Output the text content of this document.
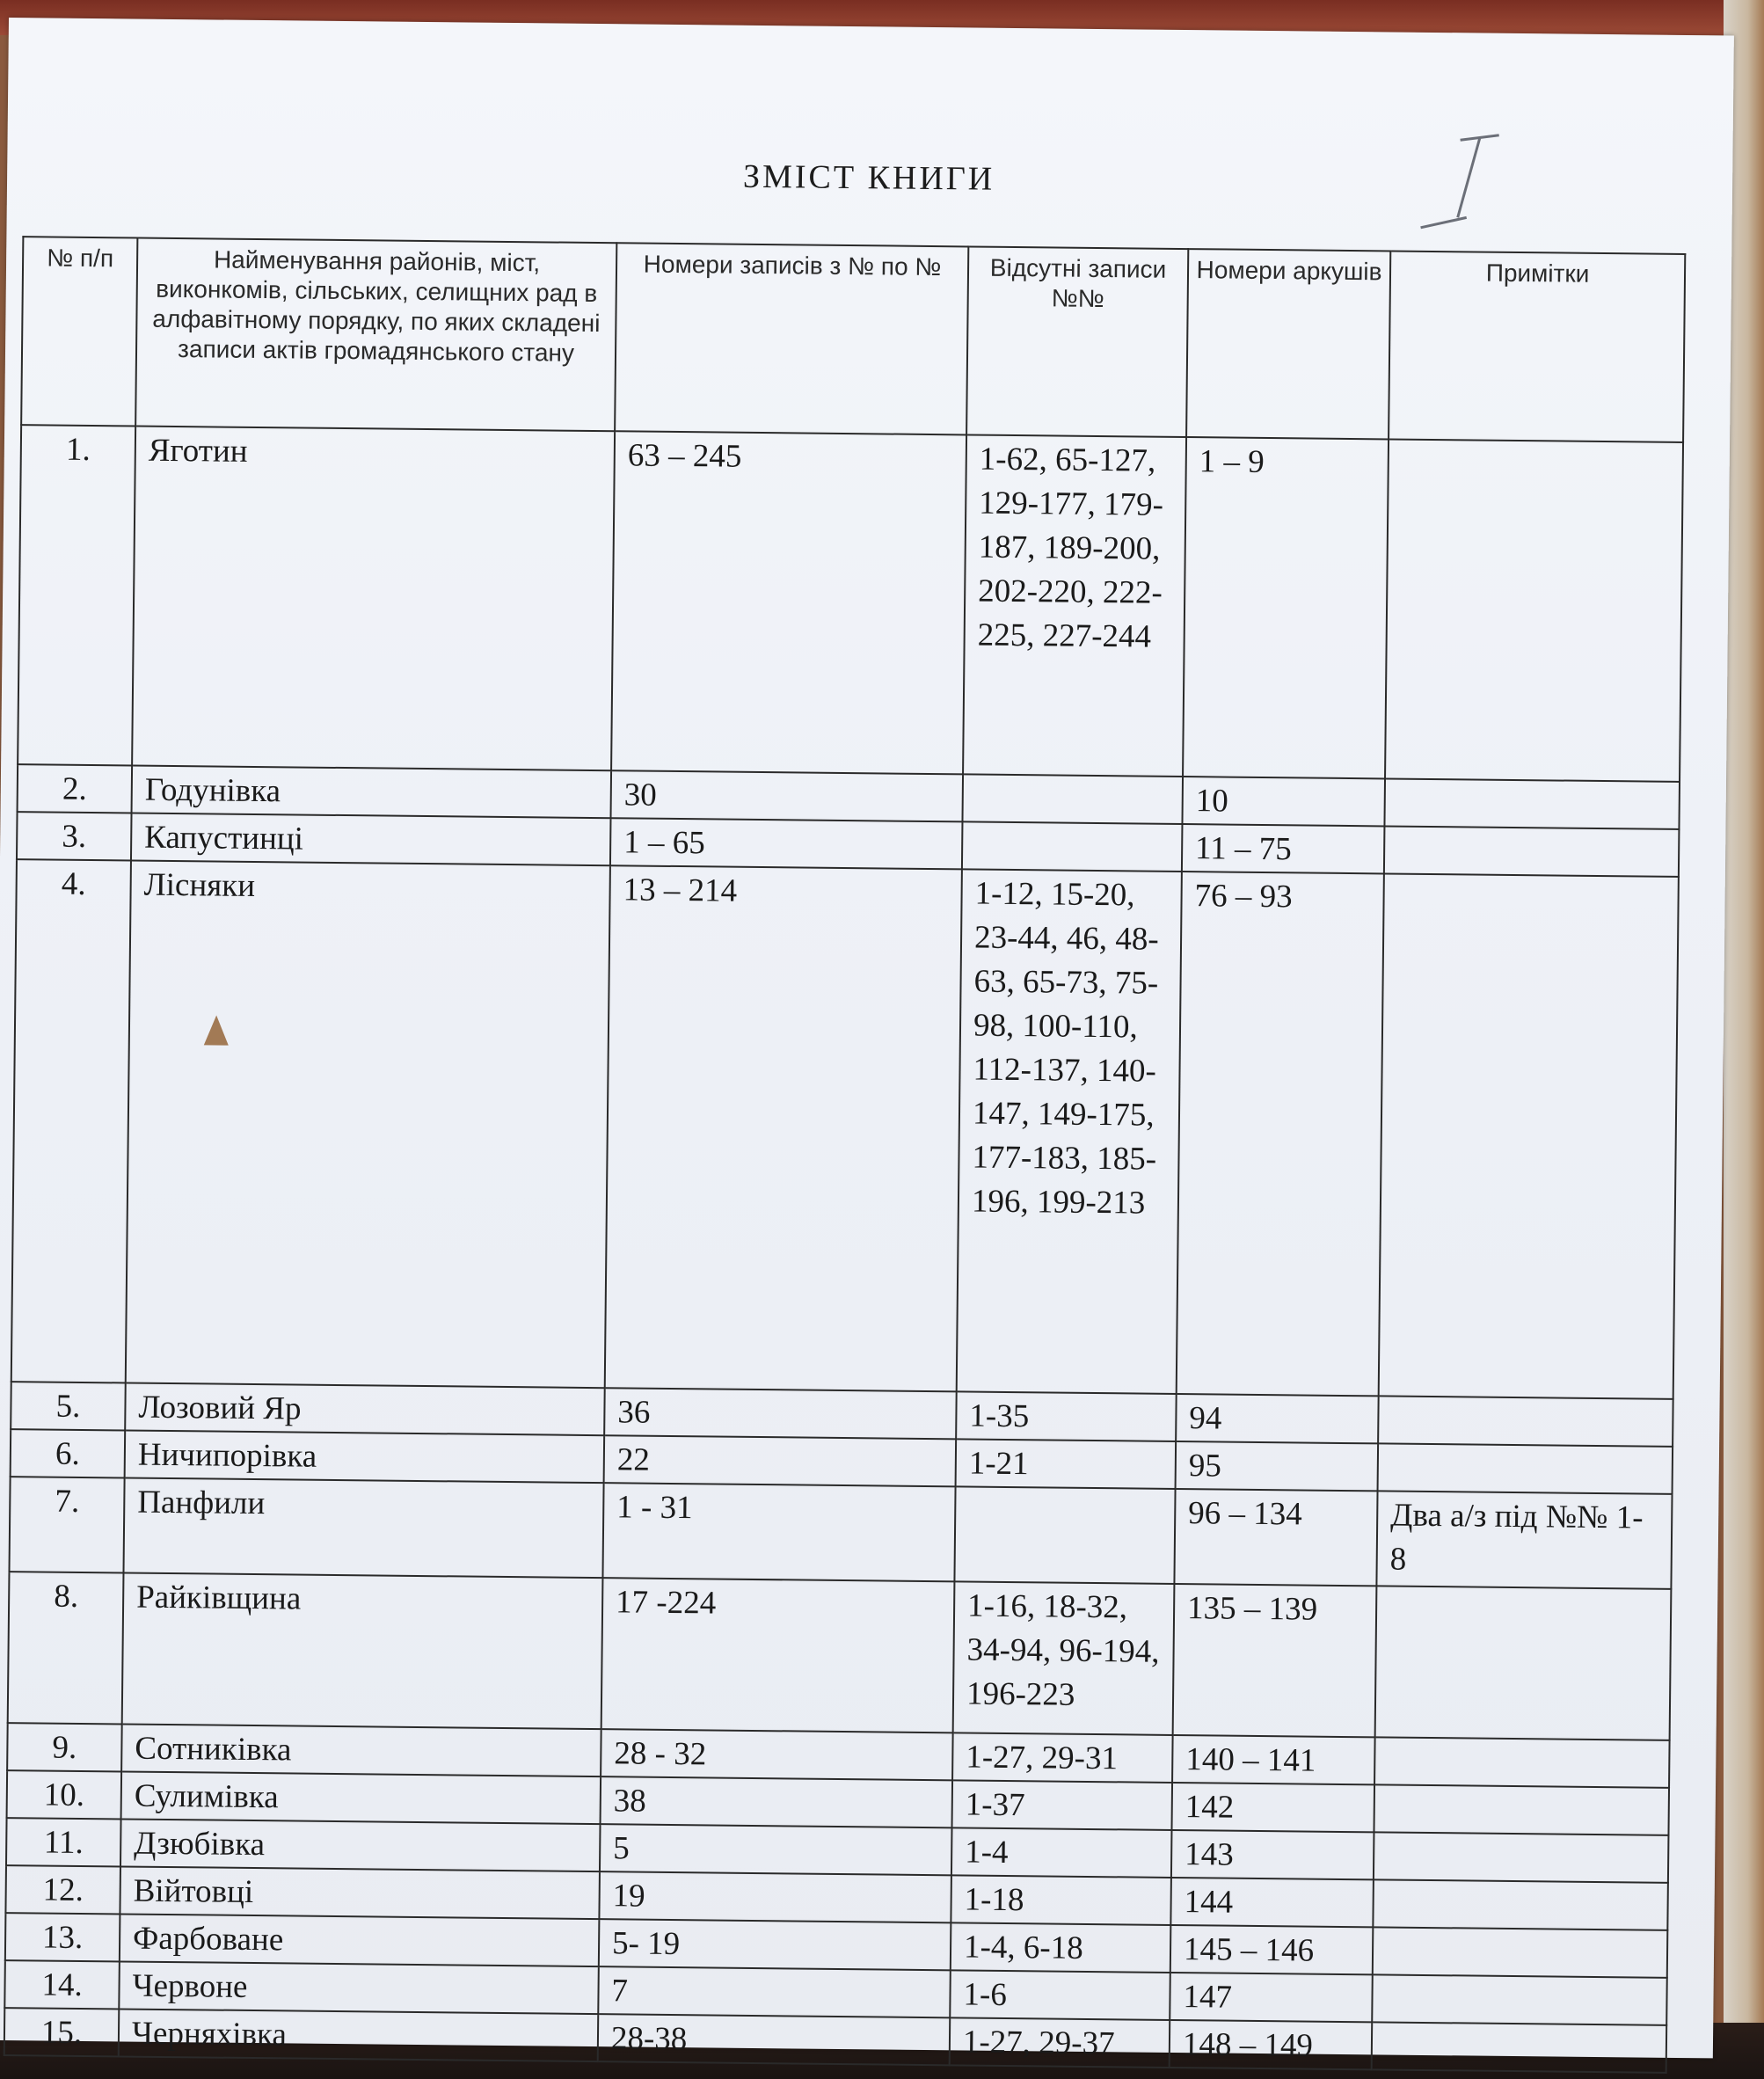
ЗМІСТ КНИГИ
№ п/п	Найменування районів, міст, виконкомів, сільських, селищних рад в алфавітному порядку, по яких складені записи актів громадянського стану	Номери записів з № по №	Відсутні записи №№	Номери аркушів	Примітки
1.	Яготин	63 – 245	1-62, 65-127, 129-177, 179-187, 189-200, 202-220, 222-225, 227-244	1 – 9	
2.	Годунівка	30		10	
3.	Капустинці	1 – 65		11 – 75	
4.	Лісняки	13 – 214	1-12, 15-20, 23-44, 46, 48-63, 65-73, 75-98, 100-110, 112-137, 140-147, 149-175, 177-183, 185-196, 199-213	76 – 93	
5.	Лозовий Яр	36	1-35	94	
6.	Ничипорівка	22	1-21	95	
7.	Панфили	1 - 31		96 – 134	Два а/з під №№ 1-8
8.	Райківщина	17 -224	1-16, 18-32, 34-94, 96-194, 196-223	135 – 139	
9.	Сотниківка	28 - 32	1-27, 29-31	140 – 141	
10.	Сулимівка	38	1-37	142	
11.	Дзюбівка	5	1-4	143	
12.	Війтовці	19	1-18	144	
13.	Фарбоване	5- 19	1-4, 6-18	145 – 146	
14.	Червоне	7	1-6	147	
15.	Черняхівка	28-38	1-27, 29-37	148 – 149	
